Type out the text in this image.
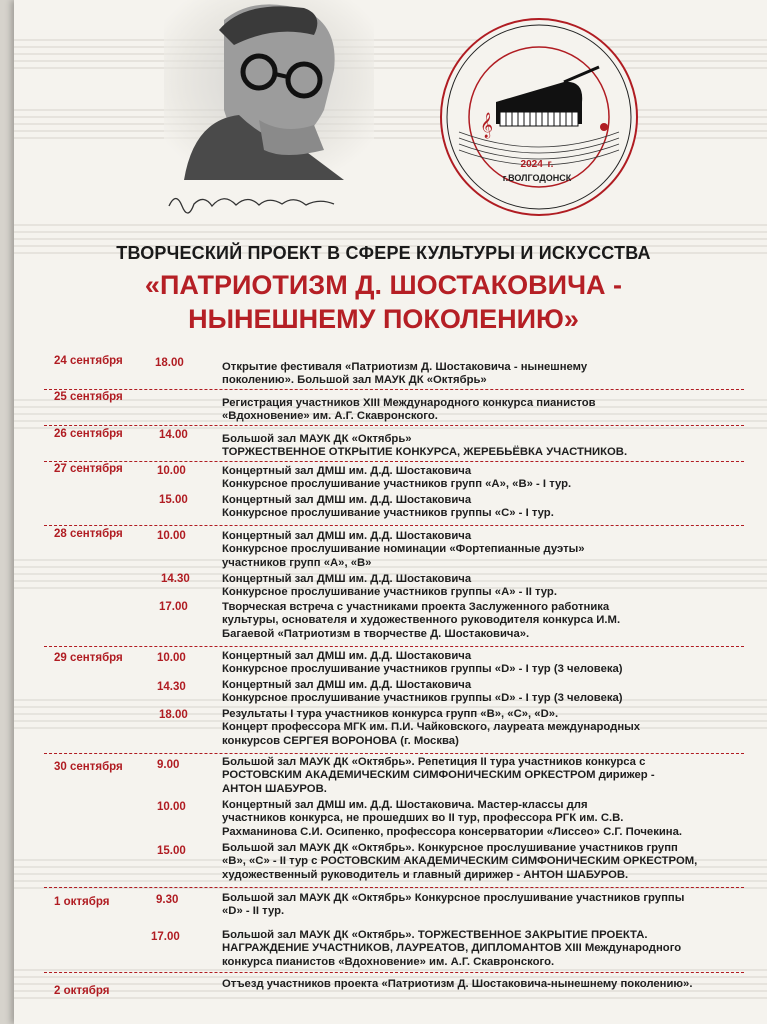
𝄞
2024 г.
г.ВОЛГОДОНСК
ТВОРЧЕСКИЙ ПРОЕКТ В СФЕРЕ КУЛЬТУРЫ И ИСКУССТВА
«ПАТРИОТИЗМ Д. ШОСТАКОВИЧА -
НЫНЕШНЕМУ ПОКОЛЕНИЮ»
24 сентября	18.00	Открытие фестиваля «Патриотизм Д. Шостаковича - нынешнему
поколению». Большой зал МАУК ДК «Октябрь»
25 сентября	Регистрация участников XIII Международного конкурса пианистов
«Вдохновение» им. А.Г. Скавронского.
26 сентября	14.00	Большой зал МАУК ДК «Октябрь»
ТОРЖЕСТВЕННОЕ ОТКРЫТИЕ КОНКУРСА, ЖЕРЕБЬЁВКА УЧАСТНИКОВ.
27 сентября	10.00	Концертный зал ДМШ им. Д.Д. Шостаковича
Конкурсное прослушивание участников групп «А», «В» - I тур.
15.00	Концертный зал ДМШ им. Д.Д. Шостаковича
Конкурсное прослушивание участников группы «С» - I тур.
28 сентября	10.00	Концертный зал ДМШ им. Д.Д. Шостаковича
Конкурсное прослушивание номинации «Фортепианные дуэты»
участников групп «А», «В»
14.30	Концертный зал ДМШ им. Д.Д. Шостаковича
Конкурсное прослушивание участников группы «А» - II тур.
17.00	Творческая встреча с участниками проекта Заслуженного работника
культуры, основателя и художественного руководителя конкурса И.М.
Багаевой «Патриотизм в творчестве Д. Шостаковича».
29 сентября	10.00	Концертный зал ДМШ им. Д.Д. Шостаковича
Конкурсное прослушивание участников группы «D» - I тур (3 человека)
14.30	Концертный зал ДМШ им. Д.Д. Шостаковича
Конкурсное прослушивание участников группы «D» - I тур (3 человека)
18.00	Результаты I тура участников конкурса групп «В», «С», «D».
Концерт профессора МГК им. П.И. Чайковского, лауреата международных
конкурсов СЕРГЕЯ ВОРОНОВА (г. Москва)
30 сентября	9.00	Большой зал МАУК ДК «Октябрь». Репетиция II тура участников конкурса с
РОСТОВСКИМ АКАДЕМИЧЕСКИМ СИМФОНИЧЕСКИМ ОРКЕСТРОМ дирижер -
АНТОН ШАБУРОВ.
10.00	Концертный зал ДМШ им. Д.Д. Шостаковича. Мастер-классы для
участников конкурса, не прошедших во II тур, профессора РГК им. С.В.
Рахманинова С.И. Осипенко, профессора консерватории «Лиссео» С.Г. Почекина.
15.00	Большой зал МАУК ДК «Октябрь». Конкурсное прослушивание участников групп
«В», «С» - II тур с РОСТОВСКИМ АКАДЕМИЧЕСКИМ СИМФОНИЧЕСКИМ ОРКЕСТРОМ,
художественный руководитель и главный дирижер - АНТОН ШАБУРОВ.
1 октября	9.30	Большой зал МАУК ДК «Октябрь» Конкурсное прослушивание участников группы
«D» - II тур.
17.00	Большой зал МАУК ДК «Октябрь». ТОРЖЕСТВЕННОЕ ЗАКРЫТИЕ ПРОЕКТА.
НАГРАЖДЕНИЕ УЧАСТНИКОВ, ЛАУРЕАТОВ, ДИПЛОМАНТОВ XIII Международного
конкурса пианистов «Вдохновение» им. А.Г. Скавронского.
2 октября
Отъезд участников проекта «Патриотизм Д. Шостаковича-нынешнему поколению».
